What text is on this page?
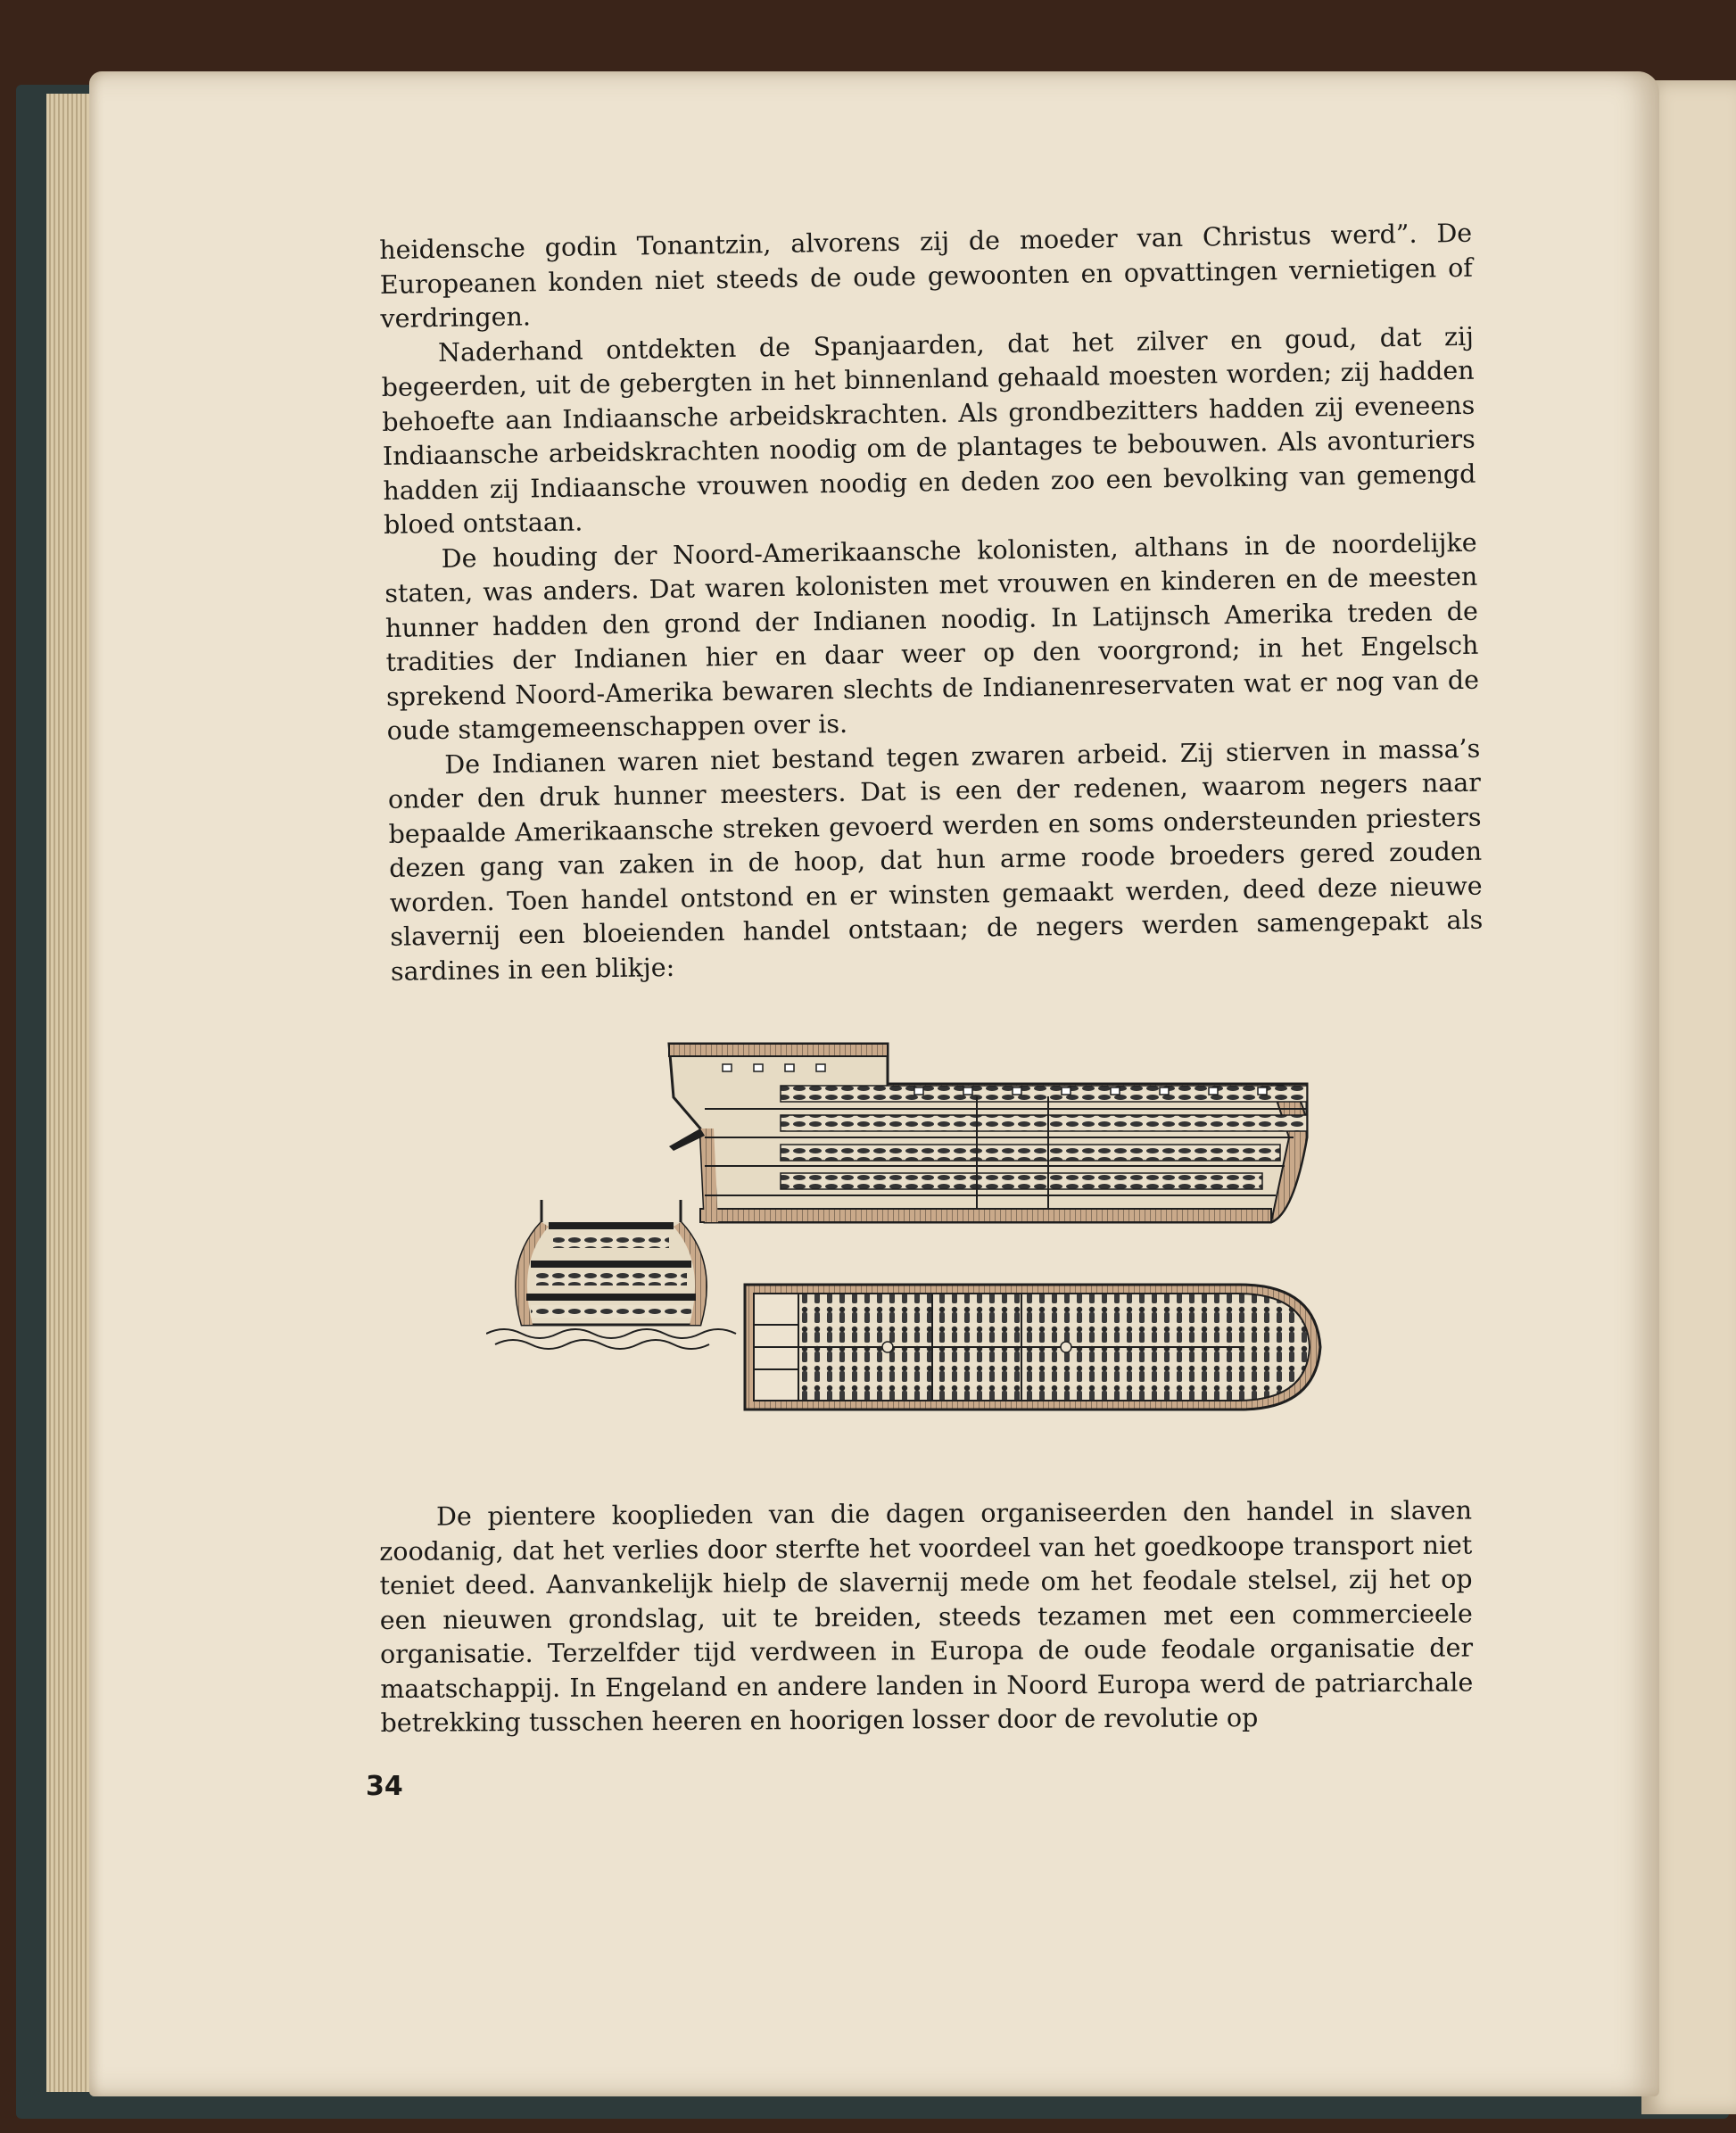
heidensche godin Tonantzin, alvorens zij de moeder van Christus werd”. De Europeanen konden niet steeds de oude gewoonten en opvattingen vernietigen of verdringen.

Naderhand ontdekten de Spanjaarden, dat het zilver en goud, dat zij begeerden, uit de gebergten in het binnenland gehaald moesten worden; zij hadden behoefte aan Indiaansche arbeidskrachten. Als grondbezitters hadden zij eveneens Indiaansche arbeidskrachten noodig om de plantages te bebouwen. Als avonturiers hadden zij Indiaansche vrouwen noodig en deden zoo een bevolking van gemengd bloed ontstaan.

De houding der Noord-Amerikaansche kolonisten, althans in de noordelijke staten, was anders. Dat waren kolonisten met vrouwen en kinderen en de meesten hunner hadden den grond der Indianen noodig. In Latijnsch Amerika treden de tradities der Indianen hier en daar weer op den voorgrond; in het Engelsch sprekend Noord-Amerika bewaren slechts de Indianenreservaten wat er nog van de oude stamgemeenschappen over is.

De Indianen waren niet bestand tegen zwaren arbeid. Zij stierven in massa’s onder den druk hunner meesters. Dat is een der redenen, waarom negers naar bepaalde Amerikaansche streken gevoerd werden en soms ondersteunden priesters dezen gang van zaken in de hoop, dat hun arme roode broeders gered zouden worden. Toen handel ontstond en er winsten gemaakt werden, deed deze nieuwe slavernij een bloeienden handel ontstaan; de negers werden samengepakt als sardines in een blikje:

De pientere kooplieden van die dagen organiseerden den handel in slaven zoodanig, dat het verlies door sterfte het voordeel van het goedkoope transport niet teniet deed. Aanvankelijk hielp de slavernij mede om het feodale stelsel, zij het op een nieuwen grondslag, uit te breiden, steeds tezamen met een commercieele organisatie. Terzelfder tijd verdween in Europa de oude feodale organisatie der maatschappij. In Engeland en andere landen in Noord Europa werd de patriarchale betrekking tusschen heeren en hoorigen losser door de revolutie op

34
